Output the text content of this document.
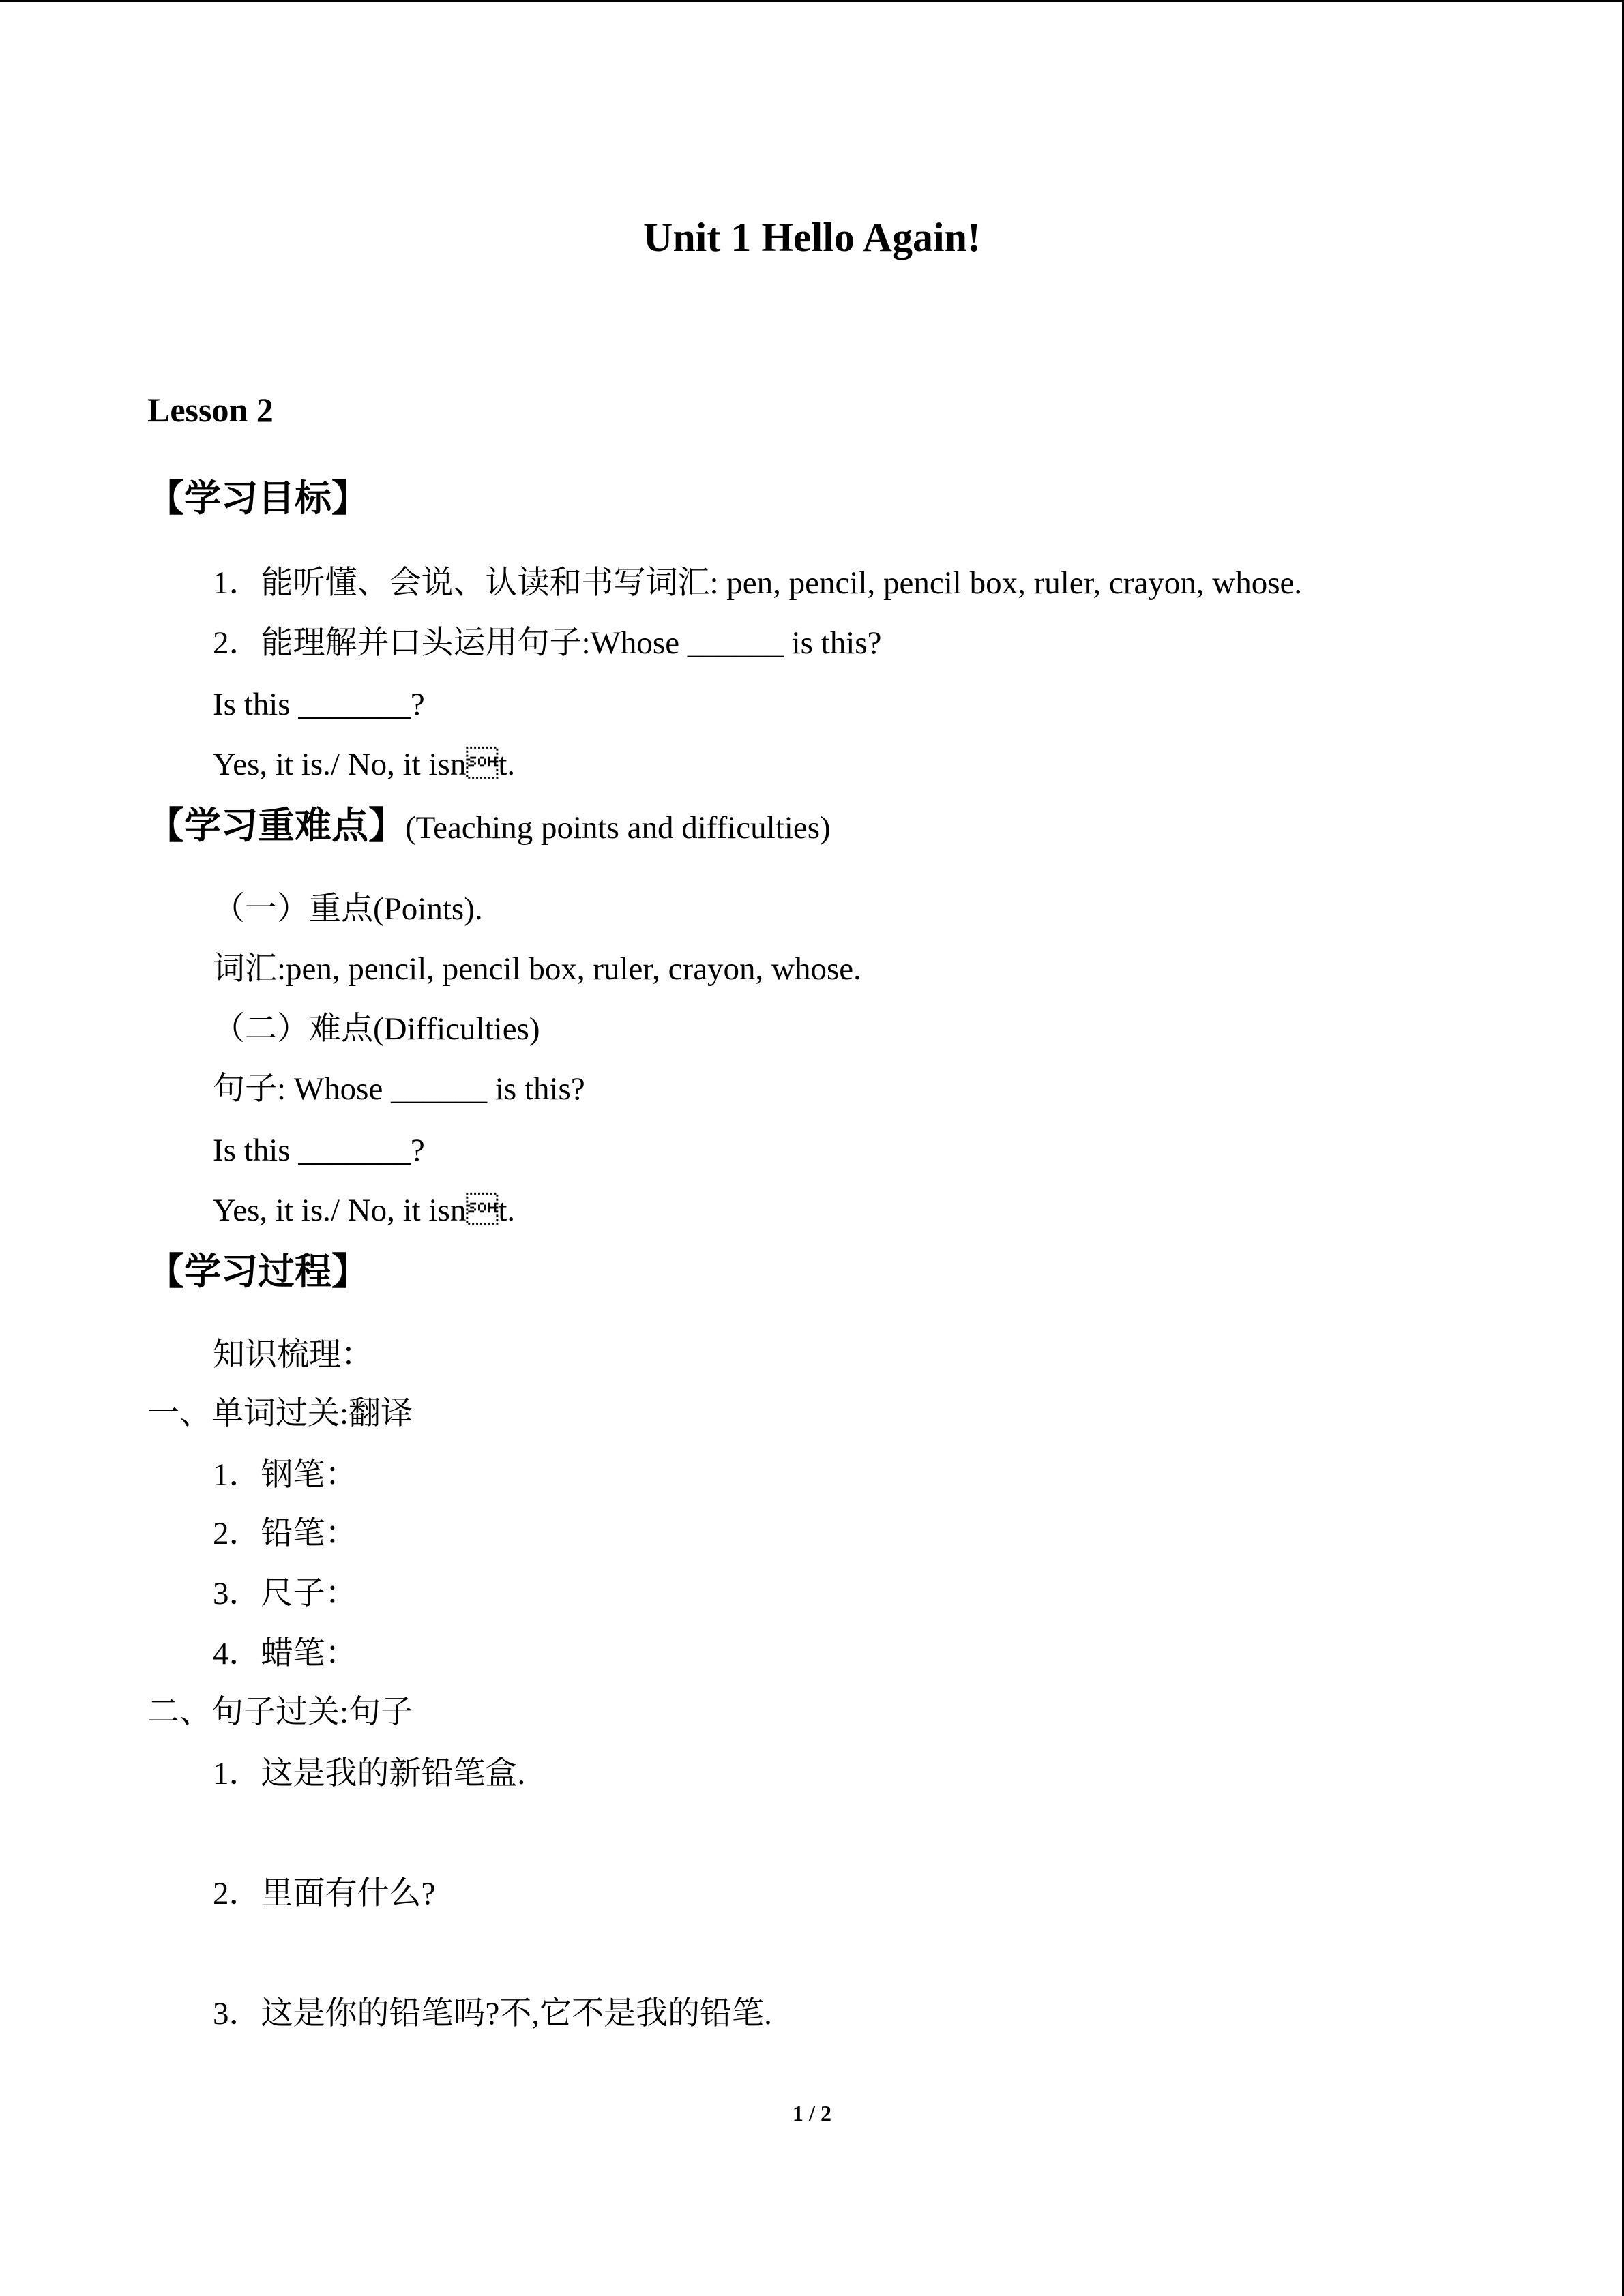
Unit 1 Hello Again!
Lesson 2
【学习目标】
1．能听懂、会说、认读和书写词汇: pen, pencil, pencil box, ruler, crayon, whose.
2．能理解并口头运用句子:Whose ______ is this?
Is this _______?
Yes, it is./ No, it isnt.
【学习重难点】(Teaching points and difficulties)
（一）重点(Points).
词汇:pen, pencil, pencil box, ruler, crayon, whose.
（二）难点(Difficulties)
句子: Whose ______ is this?
Is this _______?
Yes, it is./ No, it isnt.
【学习过程】
知识梳理：
一、单词过关:翻译
1．钢笔：
2．铅笔：
3．尺子：
4．蜡笔：
二、句子过关:句子
1．这是我的新铅笔盒.
2．里面有什么?
3．这是你的铅笔吗?不,它不是我的铅笔.
1 / 2
